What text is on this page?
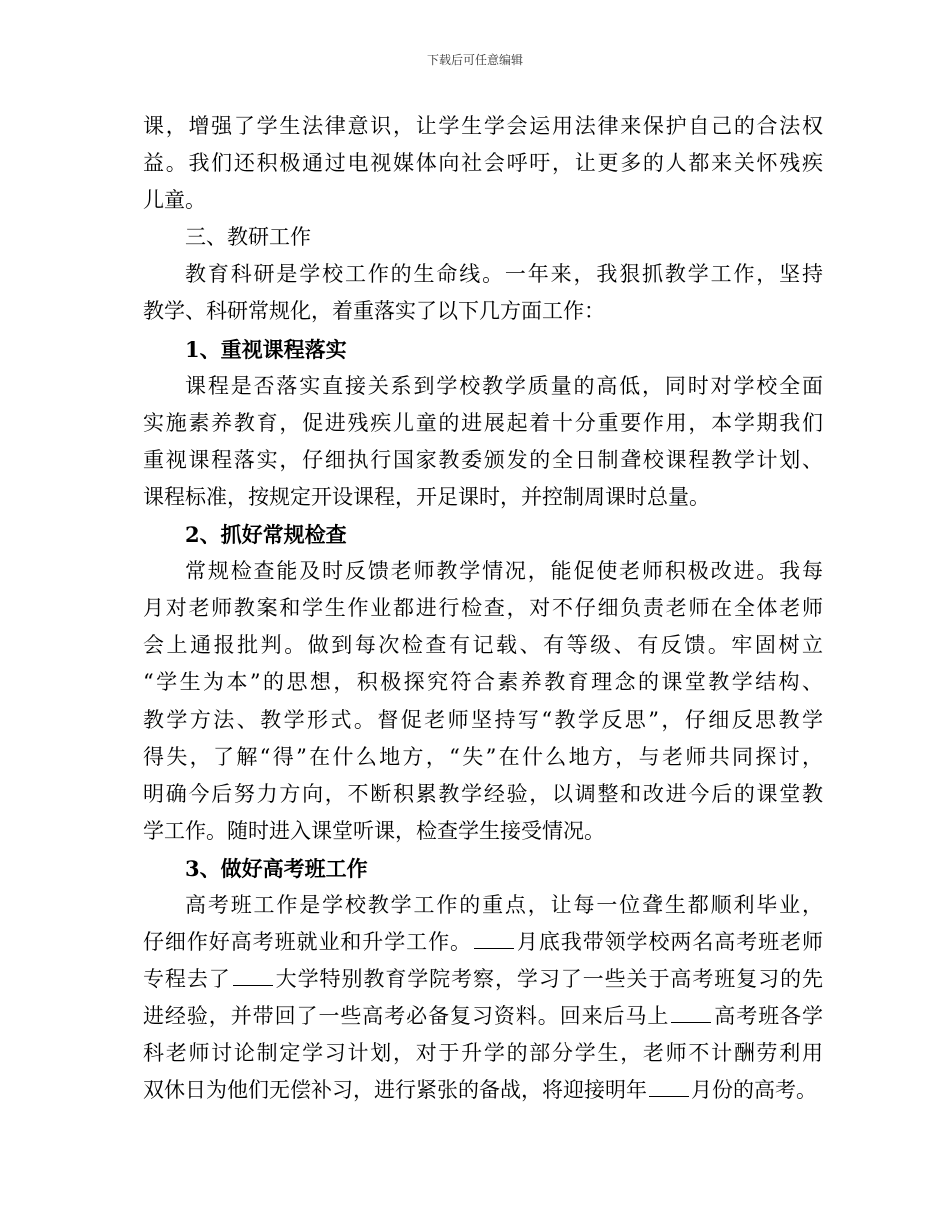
下载后可任意编辑
课，增强了学生法律意识，让学生学会运用法律来保护自己的合法权
益。我们还积极通过电视媒体向社会呼吁，让更多的人都来关怀残疾
儿童。
三、教研工作
教育科研是学校工作的生命线。一年来，我狠抓教学工作，坚持
教学、科研常规化，着重落实了以下几方面工作：
1、重视课程落实
课程是否落实直接关系到学校教学质量的高低，同时对学校全面
实施素养教育，促进残疾儿童的进展起着十分重要作用，本学期我们
重视课程落实，仔细执行国家教委颁发的全日制聋校课程教学计划、
课程标准，按规定开设课程，开足课时，并控制周课时总量。
2、抓好常规检查
常规检查能及时反馈老师教学情况，能促使老师积极改进。我每
月对老师教案和学生作业都进行检查，对不仔细负责老师在全体老师
会上通报批判。做到每次检查有记载、有等级、有反馈。牢固树立
“学生为本”的思想，积极探究符合素养教育理念的课堂教学结构、
教学方法、教学形式。督促老师坚持写“教学反思”，仔细反思教学
得失，了解“得”在什么地方，“失”在什么地方，与老师共同探讨，
明确今后努力方向，不断积累教学经验，以调整和改进今后的课堂教
学工作。随时进入课堂听课，检查学生接受情况。
3、做好高考班工作
高考班工作是学校教学工作的重点，让每一位聋生都顺利毕业，
仔细作好高考班就业和升学工作。 月底我带领学校两名高考班老师
专程去了 大学特别教育学院考察，学习了一些关于高考班复习的先
进经验，并带回了一些高考必备复习资料。回来后马上 高考班各学
科老师讨论制定学习计划，对于升学的部分学生，老师不计酬劳利用
双休日为他们无偿补习，进行紧张的备战，将迎接明年 月份的高考。
